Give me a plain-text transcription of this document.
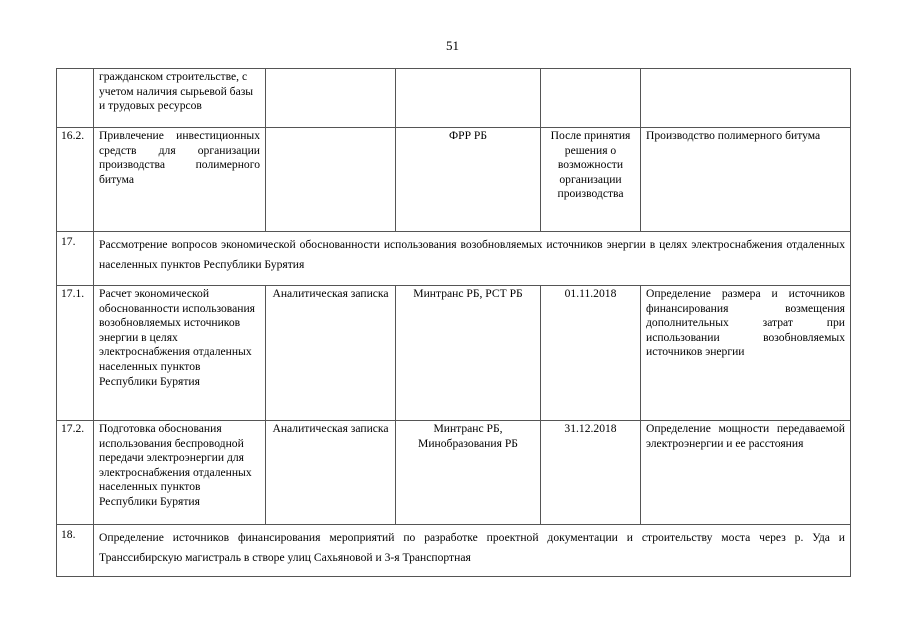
51
	гражданском строительстве, с учетом наличия сырьевой базы и трудовых ресурсов				
16.2.	Привлечение инвестиционных средств для организации производства полимерного битума		ФРР РБ	После принятия решения о возможности организации производства	Производство полимерного битума
17.	Рассмотрение вопросов экономической обоснованности использования возобновляемых источников энергии в целях электроснабжения отдаленных населенных пунктов Республики Бурятия				
17.1.	Расчет экономической обоснованности использования возобновляемых источников энергии в целях электроснабжения отдаленных населенных пунктов Республики Бурятия	Аналитическая записка	Минтранс РБ, РСТ РБ	01.11.2018	Определение размера и источников финансирования возмещения дополнительных затрат при использовании возобновляемых источников энергии
17.2.	Подготовка обоснования использования беспроводной передачи электроэнергии для электроснабжения отдаленных населенных пунктов Республики Бурятия	Аналитическая записка	Минтранс РБ, Минобразования РБ	31.12.2018	Определение мощности передаваемой электроэнергии и ее расстояния
18.	Определение источников финансирования мероприятий по разработке проектной документации и строительству моста через р. Уда и Транссибирскую магистраль в створе улиц Сахьяновой и 3-я Транспортная				
